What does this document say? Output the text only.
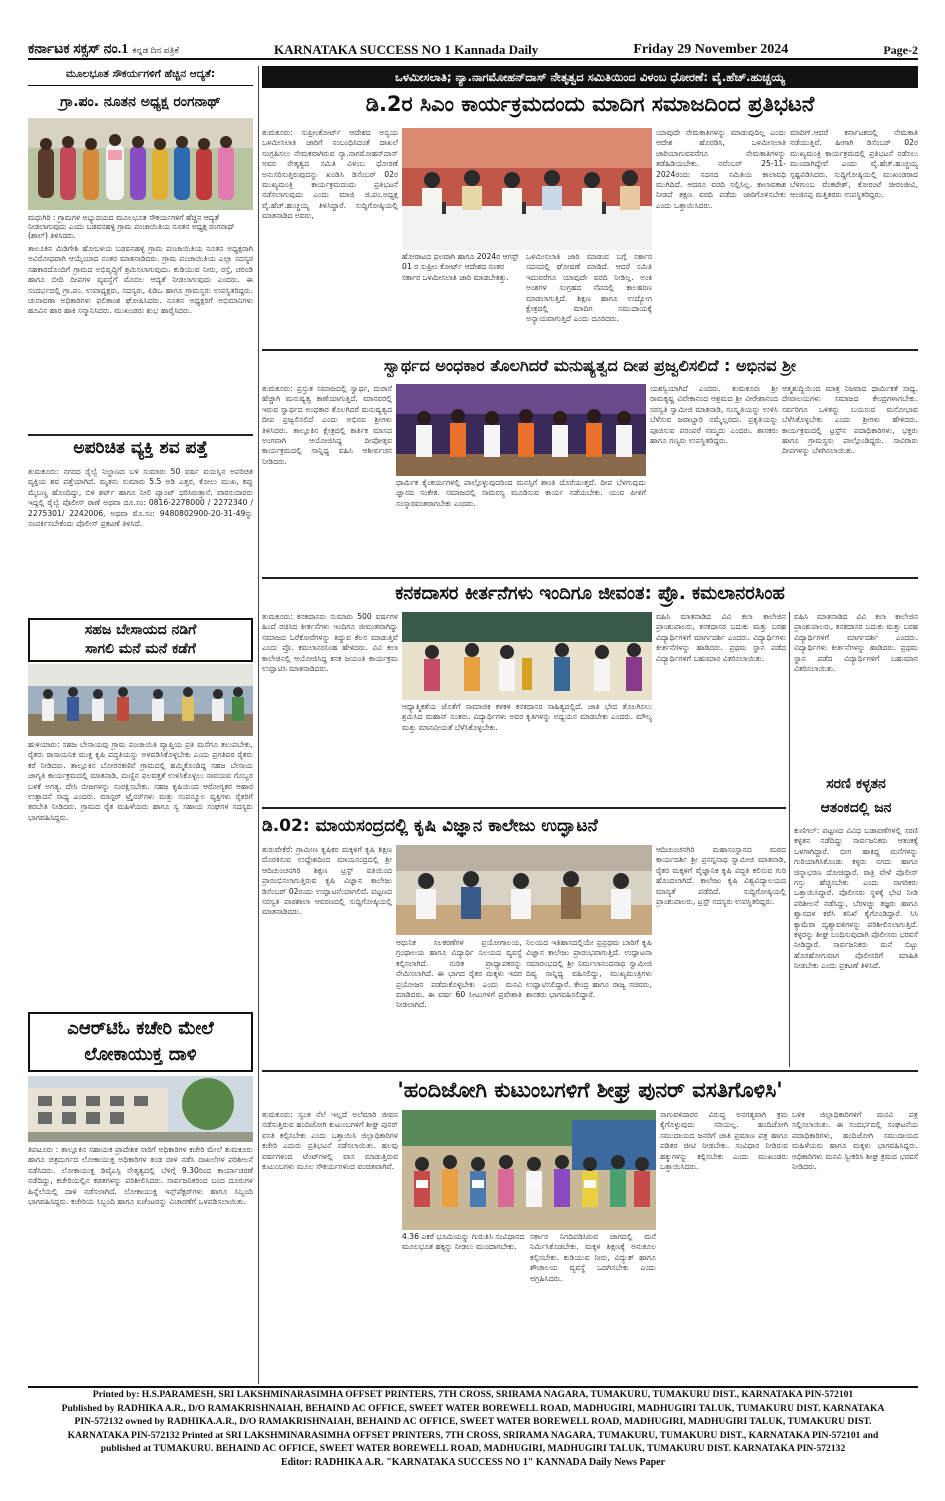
ಕರ್ನಾಟಕ ಸಕ್ಸಸ್ ನಂ.1 ಕನ್ನಡ ದಿನ ಪತ್ರಿಕೆ	KARNATAKA SUCCESS NO 1 Kannada Daily	Friday 29 November 2024	Page-2
ಒಳಮೀಸಲಾತಿ; ನ್ಯಾ.ನಾಗಮೋಹನ್‌ದಾಸ್ ನೇತೃತ್ವದ ಸಮಿತಿಯಿಂದ ವಿಳಂಬ ಧೋರಣೆ: ವೈ.ಹೆಚ್.ಹುಚ್ಚಯ್ಯ
ಮೂಲಭೂತ ಸೌಕರ್ಯಗಳಿಗೆ ಹೆಚ್ಚಿನ ಆದ್ಯತೆ:
ಗ್ರಾ.ಪಂ. ನೂತನ ಅಧ್ಯಕ್ಷ ರಂಗನಾಥ್
ಮಧುಗಿರಿ : ಗ್ರಾಮಗಳ ಅಭ್ಯುದಯದ ಮೂಲಭೂತ ಸೌಕರ್ಯಗಳಿಗೆ ಹೆಚ್ಚಿನ ಆದ್ಯತೆ ನೀಡಲಾಗುವುದು ಎಂದು ಬಡವನಹಳ್ಳಿ ಗ್ರಾಮ ಪಂಚಾಯಿತಿಯ ನೂತನ ಅಧ್ಯಕ್ಷ ರಂಗನಾಥ್ (ಶಾಲ್) ತಿಳಿಸಿದರು.
ತಾಲೂಕಿನ ಮಿಡಿಗೇಶಿ ಹೋಬಳಿಯ ಬಡವನಹಳ್ಳಿ ಗ್ರಾಮ ಪಂಚಾಯಿತಿಯ ನೂತನ ಅಧ್ಯಕ್ಷರಾಗಿ ಅವಿರೋಧವಾಗಿ ಆಯ್ಕೆಯಾದ ನಂತರ ಮಾತನಾಡಿದರು. ಗ್ರಾಮ ಪಂಚಾಯಿತಿಯ ಎಲ್ಲಾ ಸದಸ್ಯರ ಸಹಕಾರದೊಂದಿಗೆ ಗ್ರಾಮದ ಅಭಿವೃದ್ಧಿಗೆ ಶ್ರಮಿಸಲಾಗುವುದು. ಕುಡಿಯುವ ನೀರು, ರಸ್ತೆ, ಚರಂಡಿ ಹಾಗೂ ಬೀದಿ ದೀಪಗಳ ವ್ಯವಸ್ಥೆಗೆ ಮೊದಲ ಆದ್ಯತೆ ನೀಡಲಾಗುವುದು ಎಂದರು. ಈ ಸಂದರ್ಭದಲ್ಲಿ ಗ್ರಾ.ಪಂ. ಉಪಾಧ್ಯಕ್ಷರು, ಸದಸ್ಯರು, ಪಿಡಿಒ ಹಾಗೂ ಗ್ರಾಮಸ್ಥರು ಉಪಸ್ಥಿತರಿದ್ದರು. ಚುನಾವಣಾ ಅಧಿಕಾರಿಗಳು ಫಲಿತಾಂಶ ಘೋಷಿಸಿದರು. ನೂತನ ಅಧ್ಯಕ್ಷರಿಗೆ ಅಭಿಮಾನಿಗಳು ಹೂವಿನ ಹಾರ ಹಾಕಿ ಸನ್ಮಾನಿಸಿದರು. ಮುಖಂಡರು ಶುಭ ಹಾರೈಸಿದರು.
ಅಪರಿಚಿತ ವ್ಯಕ್ತಿ ಶವ ಪತ್ತೆ
ತುಮಕೂರು: ನಗರದ ರೈಲ್ವೆ ನಿಲ್ದಾಣದ ಬಳಿ ಸುಮಾರು 50 ವರ್ಷ ವಯಸ್ಸಿನ ಅಪರಿಚಿತ ವ್ಯಕ್ತಿಯ ಶವ ಪತ್ತೆಯಾಗಿದೆ. ಮೃತನು ಸುಮಾರು 5.5 ಅಡಿ ಎತ್ತರ, ಕೋಲು ಮುಖ, ಕಪ್ಪು ಮೈಬಣ್ಣ ಹೊಂದಿದ್ದು, ಬಿಳಿ ಶರ್ಟ್ ಹಾಗೂ ನೀಲಿ ಪ್ಯಾಂಟ್ ಧರಿಸಿರುತ್ತಾನೆ. ವಾರಸುದಾರರು ಇದ್ದಲ್ಲಿ ರೈಲ್ವೆ ಪೊಲೀಸ್ ಠಾಣೆ ಅಥವಾ ದೂ.ಸಂ: 0816-2278000 / 2272340 / 2275301/ 2242006, ಅಥವಾ ಮೊ.ಸಂ: 9480802900-20-31-49ನ್ನು ಸಂಪರ್ಕಿಸಬೇಕೆಂದು ಪೊಲೀಸ್ ಪ್ರಕಟಣೆ ತಿಳಿಸಿದೆ.
ಸಹಜ ಬೇಸಾಯದ ನಡಿಗೆ
ಸಾಗಲಿ ಮನೆ ಮನೆ ಕಡೆಗೆ
ಹುಳಿಯಾರು: ಸಹಜ ಬೇಸಾಯವು ಗ್ರಾಮ ಪಂಚಾಯಿತಿ ವ್ಯಾಪ್ತಿಯ ಪ್ರತಿ ಮನೆಗೂ ತಲುಪಬೇಕು, ರೈತರು ರಾಸಾಯನಿಕ ಮುಕ್ತ ಕೃಷಿ ಪದ್ಧತಿಯನ್ನು ಅಳವಡಿಸಿಕೊಳ್ಳಬೇಕು ಎಂದು ಪ್ರಗತಿಪರ ರೈತರು ಕರೆ ನೀಡಿದರು. ತಾಲ್ಲೂಕಿನ ಬೋರನಕಣಿವೆ ಗ್ರಾಮದಲ್ಲಿ ಹಮ್ಮಿಕೊಂಡಿದ್ದ ಸಹಜ ಬೇಸಾಯ ಜಾಗೃತಿ ಕಾರ್ಯಕ್ರಮದಲ್ಲಿ ಮಾತನಾಡಿ, ಮಣ್ಣಿನ ಫಲವತ್ತತೆ ಉಳಿಸಿಕೊಳ್ಳಲು ಸಾವಯವ ಗೊಬ್ಬರ ಬಳಕೆ ಅಗತ್ಯ. ದೇಸಿ ಬೀಜಗಳನ್ನು ಸಂರಕ್ಷಿಸಬೇಕು. ಸಹಜ ಕೃಷಿಯಿಂದ ಆರೋಗ್ಯಕರ ಆಹಾರ ಉತ್ಪಾದನೆ ಸಾಧ್ಯ ಎಂದರು. ಮಾಸ್ಟರ್ ಟ್ರೈನರ್‌ಗಳು ಮತ್ತು ಸಂಪನ್ಮೂಲ ವ್ಯಕ್ತಿಗಳು ರೈತರಿಗೆ ತರಬೇತಿ ನೀಡಿದರು. ಗ್ರಾಮದ ರೈತ ಮಹಿಳೆಯರು ಹಾಗೂ ಸ್ವ ಸಹಾಯ ಸಂಘಗಳ ಸದಸ್ಯರು ಭಾಗವಹಿಸಿದ್ದರು.
ಎಆರ್‌ಟಿಓ ಕಚೇರಿ ಮೇಲೆ
ಲೋಕಾಯುಕ್ತ ದಾಳಿ
ತಿಪಟೂರು : ತಾಲ್ಲೂಕಿನ ಸಹಾಯಕ ಪ್ರಾದೇಶಿಕ ಸಾರಿಗೆ ಅಧಿಕಾರಿಗಳ ಕಚೇರಿ ಮೇಲೆ ತುಮಕೂರು ಹಾಗೂ ಚಿತ್ರದುರ್ಗದ ಲೋಕಾಯುಕ್ತ ಅಧಿಕಾರಿಗಳ ತಂಡ ದಾಳಿ ನಡೆಸಿ ದಾಖಲೆಗಳ ಪರಿಶೀಲನೆ ನಡೆಸಿದರು. ಲೋಕಾಯುಕ್ತ ಡಿವೈಎಸ್ಪಿ ನೇತೃತ್ವದಲ್ಲಿ ಬೆಳಿಗ್ಗೆ 9.30ರಿಂದ ಕಾರ್ಯಾಚರಣೆ ನಡೆದಿದ್ದು, ಕಚೇರಿಯಲ್ಲಿನ ಕಡತಗಳನ್ನು ಪರಿಶೀಲಿಸಿದರು. ಸಾರ್ವಜನಿಕರಿಂದ ಬಂದ ದೂರುಗಳ ಹಿನ್ನೆಲೆಯಲ್ಲಿ ದಾಳಿ ನಡೆಸಲಾಗಿದೆ. ಲೋಕಾಯುಕ್ತ ಇನ್ಸ್‌ಪೆಕ್ಟರ್‌ಗಳು ಹಾಗೂ ಸಿಬ್ಬಂದಿ ಭಾಗವಹಿಸಿದ್ದರು. ಕಚೇರಿಯ ಸಿಬ್ಬಂದಿ ಹಾಗೂ ಏಜೆಂಟರನ್ನು ವಿಚಾರಣೆಗೆ ಒಳಪಡಿಸಲಾಯಿತು.
ಡಿ.2ರ ಸಿಎಂ ಕಾರ್ಯಕ್ರಮದಂದು ಮಾದಿಗ ಸಮಾಜದಿಂದ ಪ್ರತಿಭಟನೆ
ತುಮಕೂರು: ಸುಪ್ರೀಂಕೋರ್ಟ್ ಆದೇಶದ ಅನ್ವಯ ಒಳಮೀಸಲಾತಿ ಜಾರಿಗೆ ಸಂಬಂಧಿಸಿದಂತೆ ದಾಖಲೆ ಸಂಗ್ರಹಿಸಲು ನೇಮಕವಾಗಿರುವ ನ್ಯಾ.ನಾಗಮೋಹನ್‌ದಾಸ್ ಅವರ ನೇತೃತ್ವದ ಸಮಿತಿ ವಿಳಂಬ ಧೋರಣೆ ಅನುಸರಿಸುತ್ತಿರುವುದನ್ನು ಖಂಡಿಸಿ ಡಿಸೆಂಬರ್ 02ರ ಮುಖ್ಯಮಂತ್ರಿ ಕಾರ್ಯಕ್ರಮದಂದು ಪ್ರತಿಭಟನೆ ನಡೆಸಲಾಗುವುದು ಎಂದು ಮಾಜಿ ಜಿ.ಪಂ.ಅಧ್ಯಕ್ಷ ವೈ.ಹೆಚ್.ಹುಚ್ಚಯ್ಯ ತಿಳಿಸಿದ್ದಾರೆ. ಸುದ್ದಿಗೋಷ್ಠಿಯಲ್ಲಿ ಮಾತನಾಡಿದ ಅವರು,
ಹೋರಾಟದ ಫಲವಾಗಿ ಹಾಗೂ 2024ರ ಆಗಸ್ಟ್ 01 ರ ಸುಪ್ರೀಂ ಕೋರ್ಟ್ ಆದೇಶದ ನಂತರ ಸರ್ಕಾರ ಒಳಮೀಸಲಾತಿ ಜಾರಿ ಮಾಡಬೇಕಿತ್ತು.
ಒಳಮೀಸಲಾತಿ ಜಾರಿ ಮಾಡುವ ಬಗ್ಗೆ ಸರ್ಕಾರ ಸದನದಲ್ಲಿ ಘೋಷಣೆ ಮಾಡಿದೆ. ಆದರೆ ಸಮಿತಿ ಇದುವರೆಗೂ ಯಾವುದೇ ವರದಿ ನೀಡಿಲ್ಲ. ಅಂಕಿ ಅಂಶಗಳ ಸಂಗ್ರಹದ ನೆಪದಲ್ಲಿ ಕಾಲಹರಣ ಮಾಡಲಾಗುತ್ತಿದೆ. ಶಿಕ್ಷಣ ಹಾಗೂ ಉದ್ಯೋಗ ಕ್ಷೇತ್ರದಲ್ಲಿ ಮಾದಿಗ ಸಮುದಾಯಕ್ಕೆ ಅನ್ಯಾಯವಾಗುತ್ತಿದೆ ಎಂದು ದೂರಿದರು.
ಯಾವುದೇ ನೇಮಕಾತಿಗಳನ್ನು ಮಾಡುವುದಿಲ್ಲ ಎಂದು ಆದೇಶ ಹೊರಡಿಸಿ, ಒಳಮೀಸಲಾತಿ ಜಾರಿಯಾಗುವವರೆಗೂ ನೇಮಕಾತಿಗಳನ್ನು ತಡೆಹಿಡಿಯಬೇಕು. ನವೆಂಬರ್ 25-11-2024ರಂದು ಸದನದ ಸಮಿತಿಯ ಕಾಲಾವಧಿ ಮುಗಿದಿದೆ. ಆದರೂ ವರದಿ ಸಲ್ಲಿಸಿಲ್ಲ. ಕಾಲಾವಕಾಶ ನೀಡದೆ ತಕ್ಷಣ ವರದಿ ಪಡೆದು ಜಾರಿಗೊಳಿಸಬೇಕು ಎಂದು ಒತ್ತಾಯಿಸಿದರು.
ಮಾದಿಗ್.ಆದರೆ ಕರ್ನಾಟಕದಲ್ಲಿ ನೇಮಕಾತಿ ನಡೆಯುತ್ತಿವೆ. ಹೀಗಾಗಿ ಡಿಸೆಂಬರ್ 02ರ ಮುಖ್ಯಮಂತ್ರಿ ಕಾರ್ಯಕ್ರಮದಲ್ಲಿ ಪ್ರತಿಭಟನೆ ನಡೆಸಲು ಮುಂದಾಗಿದ್ದೇವೆ ಎಂದು ವೈ.ಹೆಚ್.ಹುಚ್ಚಯ್ಯ ಸ್ಪಷ್ಟಪಡಿಸಿದರು. ಸುದ್ದಿಗೋಷ್ಠಿಯಲ್ಲಿ ಮುಖಂಡರಾದ ಬೆಳಗುಂಬ ವೆಂಕಟೇಶ್, ಕೋರಂಟೆ ಚೀರಂಜೀವಿ, ಆಂಜಿನಪ್ಪ ಮತ್ತಿತರರು ಉಪಸ್ಥಿತರಿದ್ದರು.
ಸ್ವಾರ್ಥದ ಅಂಧಕಾರ ತೊಲಗಿದರೆ ಮನುಷ್ಯತ್ವದ ದೀಪ ಪ್ರಜ್ವಲಿಸಲಿದೆ : ಅಭಿನವ ಶ್ರೀ
ತುಮಕೂರು: ಪ್ರಸ್ತುತ ಸಮಾಜದಲ್ಲಿ ಸ್ವಾರ್ಥ, ದುರಾಸೆ ಹೆಚ್ಚಾಗಿ ಮನುಷ್ಯತ್ವ ಕಾಣೆಯಾಗುತ್ತಿದೆ. ಮಾನವರಲ್ಲಿ ಇರುವ ಸ್ವಾರ್ಥದ ಅಂಧಕಾರ ತೊಲಗಿದರೆ ಮನುಷ್ಯತ್ವದ ದೀಪ ಪ್ರಜ್ವಲಿಸಲಿದೆ ಎಂದು ಅಭಿನವ ಶ್ರೀಗಳು ತಿಳಿಸಿದರು. ತಾಲ್ಲೂಕಿನ ಕ್ಷೇತ್ರದಲ್ಲಿ ಕಾರ್ತಿಕ ಮಾಸದ ಅಂಗವಾಗಿ ಆಯೋಜಿಸಿದ್ದ ದೀಪೋತ್ಸವ ಕಾರ್ಯಕ್ರಮದಲ್ಲಿ ಸಾನ್ನಿಧ್ಯ ವಹಿಸಿ ಆಶೀರ್ವಚನ ನೀಡಿದರು.
ಧಾರ್ಮಿಕ ಕೈಂಕರ್ಯಗಳಲ್ಲಿ ಪಾಲ್ಗೊಳ್ಳುವುದರಿಂದ ಮನಸ್ಸಿಗೆ ಶಾಂತಿ ದೊರೆಯುತ್ತದೆ. ದೀಪ ಬೆಳಗುವುದು ಜ್ಞಾನದ ಸಂಕೇತ. ಸಮಾಜದಲ್ಲಿ ಸಾಮರಸ್ಯ ಮೂಡಿಸುವ ಕಾರ್ಯ ನಡೆಯಬೇಕು. ಯುವ ಪೀಳಿಗೆ ಸಂಸ್ಕಾರವಂತರಾಗಬೇಕು ಎಂದರು.
ಯಶಸ್ವಿಯಾಗಿದೆ ಎಂದರು. ತುಮಕೂರು ಶ್ರೀ ರಾಮಕೃಷ್ಣ ವಿವೇಕಾನಂದ ಆಶ್ರಮದ ಶ್ರೀ ವೀರೇಶಾನಂದ ಸರಸ್ವತಿ ಸ್ವಾಮೀಜಿ ಮಾತನಾಡಿ, ಸಂಸ್ಕೃತಿಯನ್ನು ಉಳಿಸಿ ಬೆಳೆಸುವ ಜವಾಬ್ದಾರಿ ನಮ್ಮೆಲ್ಲರದು. ಪ್ರಕೃತಿಯನ್ನು ಪೂಜಿಸುವ ಪರಂಪರೆ ನಮ್ಮದು ಎಂದರು. ಶಾಸಕರು ಹಾಗೂ ಗಣ್ಯರು ಉಪಸ್ಥಿತರಿದ್ದರು.
ಆತ್ಮಶುದ್ಧಿಯಿಂದ ಮಾತ್ರ ನಿಜವಾದ ಧಾರ್ಮಿಕತೆ ಸಾಧ್ಯ. ದೇವಾಲಯಗಳು ಸಮಾಜದ ಕೇಂದ್ರಗಳಾಗಬೇಕು. ಸರ್ವರಿಗೂ ಒಳಿತನ್ನು ಬಯಸುವ ಮನೋಭಾವ ಬೆಳೆಸಿಕೊಳ್ಳಬೇಕು ಎಂದು ಶ್ರೀಗಳು ಹೇಳಿದರು. ಕಾರ್ಯಕ್ರಮದಲ್ಲಿ ಟ್ರಸ್ಟ್‌ನ ಪದಾಧಿಕಾರಿಗಳು, ಭಕ್ತರು ಹಾಗೂ ಗ್ರಾಮಸ್ಥರು ಪಾಲ್ಗೊಂಡಿದ್ದರು. ಸಾವಿರಾರು ದೀಪಗಳನ್ನು ಬೆಳಗಿಸಲಾಯಿತು.
ಕನಕದಾಸರ ಕೀರ್ತನೆಗಳು ಇಂದಿಗೂ ಜೀವಂತ: ಪ್ರೊ. ಕಮಲಾನರಸಿಂಹ
ತುಮಕೂರು: ಕನಕದಾಸರು ಸುಮಾರು 500 ವರ್ಷಗಳ ಹಿಂದೆ ರಚಿಸಿದ ಕೀರ್ತನೆಗಳು ಇಂದಿಗೂ ಜೀವಂತವಾಗಿದ್ದು ಸಮಾಜದ ಓರೆಕೋರೆಗಳನ್ನು ತಿದ್ದುವ ಕೆಲಸ ಮಾಡುತ್ತಿವೆ ಎಂದು ಪ್ರೊ. ಕಮಲಾನರಸಿಂಹ ಹೇಳಿದರು. ವಿವಿ ಕಲಾ ಕಾಲೇಜಿನಲ್ಲಿ ಆಯೋಜಿಸಿದ್ದ ಕನಕ ಜಯಂತಿ ಕಾರ್ಯಕ್ರಮ ಉದ್ಘಾಟಿಸಿ ಮಾತನಾಡಿದರು.
ಆಧ್ಯಾತ್ಮಿಕತೆಯ ಜೊತೆಗೆ ಸಾಮಾಜಿಕ ಕಳಕಳಿ ಕನಕದಾಸರ ಸಾಹಿತ್ಯದಲ್ಲಿದೆ. ಜಾತಿ ಭೇದ ತೊಲಗಿಸಲು ಶ್ರಮಿಸಿದ ಮಹಾನ್ ಸಂತರು. ವಿದ್ಯಾರ್ಥಿಗಳು ಅವರ ಕೃತಿಗಳನ್ನು ಅಧ್ಯಯನ ಮಾಡಬೇಕು ಎಂದರು. ಮೌಲ್ಯ ಮತ್ತು ಮಾನವೀಯತೆ ಬೆಳೆಸಿಕೊಳ್ಳಬೇಕು.
ವಹಿಸಿ ಮಾತನಾಡಿದ ವಿವಿ ಕಲಾ ಕಾಲೇಜಿನ ಪ್ರಾಂಶುಪಾಲರು, ಕನಕದಾಸರ ಬದುಕು ಮತ್ತು ಬರಹ ವಿದ್ಯಾರ್ಥಿಗಳಿಗೆ ಮಾರ್ಗದರ್ಶಿ ಎಂದರು. ವಿದ್ಯಾರ್ಥಿಗಳು ಕೀರ್ತನೆಗಳನ್ನು ಹಾಡಿದರು. ಪ್ರಥಮ ಸ್ಥಾನ ಪಡೆದ ವಿದ್ಯಾರ್ಥಿಗಳಿಗೆ ಬಹುಮಾನ ವಿತರಿಸಲಾಯಿತು.
ವಹಿಸಿ ಮಾತನಾಡಿದ ವಿವಿ ಕಲಾ ಕಾಲೇಜಿನ ಪ್ರಾಂಶುಪಾಲರು, ಕನಕದಾಸರ ಬದುಕು ಮತ್ತು ಬರಹ ವಿದ್ಯಾರ್ಥಿಗಳಿಗೆ ಮಾರ್ಗದರ್ಶಿ ಎಂದರು. ವಿದ್ಯಾರ್ಥಿಗಳು ಕೀರ್ತನೆಗಳನ್ನು ಹಾಡಿದರು. ಪ್ರಥಮ ಸ್ಥಾನ ಪಡೆದ ವಿದ್ಯಾರ್ಥಿಗಳಿಗೆ ಬಹುಮಾನ ವಿತರಿಸಲಾಯಿತು.
ಸರಣಿ ಕಳ್ಳತನ
ಆತಂಕದಲ್ಲಿ ಜನ
ಕುಣಿಗಲ್: ಪಟ್ಟಣದ ವಿವಿಧ ಬಡಾವಣೆಗಳಲ್ಲಿ ಸರಣಿ ಕಳ್ಳತನ ನಡೆದಿದ್ದು ಸಾರ್ವಜನಿಕರು ಆತಂಕಕ್ಕೆ ಒಳಗಾಗಿದ್ದಾರೆ. ಬೀಗ ಹಾಕಿದ್ದ ಮನೆಗಳನ್ನು ಗುರಿಯಾಗಿಸಿಕೊಂಡು ಕಳ್ಳರು ನಗದು ಹಾಗೂ ಚಿನ್ನಾಭರಣ ದೋಚಿದ್ದಾರೆ. ರಾತ್ರಿ ವೇಳೆ ಪೊಲೀಸ್ ಗಸ್ತು ಹೆಚ್ಚಿಸಬೇಕು ಎಂದು ನಾಗರಿಕರು ಒತ್ತಾಯಿಸಿದ್ದಾರೆ. ಪೊಲೀಸರು ಸ್ಥಳಕ್ಕೆ ಭೇಟಿ ನೀಡಿ ಪರಿಶೀಲನೆ ನಡೆಸಿದ್ದು, ಬೆರಳಚ್ಚು ತಜ್ಞರು ಹಾಗೂ ಶ್ವಾನದಳ ಕರೆಸಿ ತನಿಖೆ ಕೈಗೊಂಡಿದ್ದಾರೆ. ಸಿಸಿ ಕ್ಯಾಮೆರಾ ದೃಶ್ಯಾವಳಿಗಳನ್ನು ಪರಿಶೀಲಿಸಲಾಗುತ್ತಿದೆ. ಕಳ್ಳರನ್ನು ಶೀಘ್ರ ಬಂಧಿಸುವುದಾಗಿ ಪೊಲೀಸರು ಭರವಸೆ ನೀಡಿದ್ದಾರೆ. ಸಾರ್ವಜನಿಕರು ಮನೆ ಬಿಟ್ಟು ಹೊರಹೋಗುವಾಗ ಪೊಲೀಸರಿಗೆ ಮಾಹಿತಿ ನೀಡಬೇಕು ಎಂದು ಪ್ರಕಟಣೆ ತಿಳಿಸಿದೆ.
ಡಿ.02: ಮಾಯಸಂದ್ರದಲ್ಲಿ ಕೃಷಿ ವಿಜ್ಞಾನ ಕಾಲೇಜು ಉದ್ಘಾಟನೆ
ತುರುವೇಕೆರೆ: ಗ್ರಾಮೀಣ ಕೃಷಿಕರ ಮಕ್ಕಳಿಗೆ ಕೃಷಿ ಶಿಕ್ಷಣ ದೊರಕಿಸುವ ಉದ್ದೇಶದಿಂದ ಮಾಯಸಂದ್ರದಲ್ಲಿ ಶ್ರೀ ಆದಿಚುಂಚನಗಿರಿ ಶಿಕ್ಷಣ ಟ್ರಸ್ಟ್ ವತಿಯಿಂದ ಪ್ರಾರಂಭಿಸಲಾಗುತ್ತಿರುವ ಕೃಷಿ ವಿಜ್ಞಾನ ಕಾಲೇಜು ಡಿಸೆಂಬರ್ 02ರಂದು ಉದ್ಘಾಟನೆಯಾಗಲಿದೆ. ಪಟ್ಟಣದ ಸರಸ್ವತಿ ಪಾಠಶಾಲಾ ಆವರಣದಲ್ಲಿ ಸುದ್ದಿಗೋಷ್ಠಿಯಲ್ಲಿ ಮಾತನಾಡಿದರು.
ಆಧುನಿಕ ಸಲಕರಣೆಗಳ ಪ್ರಯೋಗಾಲಯ, ಗ್ರಂಥಾಲಯ ಹಾಗೂ ವಿದ್ಯಾರ್ಥಿ ನಿಲಯದ ವ್ಯವಸ್ಥೆ ಕಲ್ಪಿಸಲಾಗಿದೆ. ನುರಿತ ಪ್ರಾಧ್ಯಾಪಕರನ್ನು ನೇಮಿಸಲಾಗಿದೆ. ಈ ಭಾಗದ ರೈತರ ಮಕ್ಕಳು ಇದರ ಪ್ರಯೋಜನ ಪಡೆದುಕೊಳ್ಳಬೇಕು ಎಂದು ಮನವಿ ಮಾಡಿದರು. ಈ ವರ್ಷ 60 ಸೀಟುಗಳಿಗೆ ಪ್ರವೇಶಾತಿ ನೀಡಲಾಗಿದೆ.
ನಿಲಯದ ಇತಿಹಾಸದಲ್ಲಿಯೇ ಪ್ರಪ್ರಥಮ ಬಾರಿಗೆ ಕೃಷಿ ವಿಜ್ಞಾನ ಕಾಲೇಜು ಪ್ರಾರಂಭವಾಗುತ್ತಿದೆ. ಉದ್ಘಾಟನಾ ಸಮಾರಂಭದಲ್ಲಿ ಶ್ರೀ ನಿರ್ಮಲಾನಂದನಾಥ ಸ್ವಾಮೀಜಿ ದಿವ್ಯ ಸಾನ್ನಿಧ್ಯ ವಹಿಸಲಿದ್ದು, ಮುಖ್ಯಮಂತ್ರಿಗಳು ಉದ್ಘಾಟಿಸಲಿದ್ದಾರೆ. ಕೇಂದ್ರ ಹಾಗೂ ರಾಜ್ಯ ಸಚಿವರು, ಶಾಸಕರು ಭಾಗವಹಿಸಲಿದ್ದಾರೆ.
ಆದಿಚುಂಚನಗಿರಿ ಮಹಾಸಂಸ್ಥಾನದ ಮಠದ ಕಾರ್ಯದರ್ಶಿ ಶ್ರೀ ಪ್ರಸನ್ನನಾಥ ಸ್ವಾಮೀಜಿ ಮಾತನಾಡಿ, ರೈತರ ಮಕ್ಕಳಿಗೆ ವೈಜ್ಞಾನಿಕ ಕೃಷಿ ಪದ್ಧತಿ ಕಲಿಸುವ ಗುರಿ ಹೊಂದಲಾಗಿದೆ. ಕಾಲೇಜು ಕೃಷಿ ವಿಶ್ವವಿದ್ಯಾಲಯದ ಮಾನ್ಯತೆ ಪಡೆದಿದೆ. ಸುದ್ದಿಗೋಷ್ಠಿಯಲ್ಲಿ ಪ್ರಾಂಶುಪಾಲರು, ಟ್ರಸ್ಟ್ ಸದಸ್ಯರು ಉಪಸ್ಥಿತರಿದ್ದರು.
'ಹಂದಿಜೋಗಿ ಕುಟುಂಬಗಳಿಗೆ ಶೀಘ್ರ ಪುನರ್ ವಸತಿಗೊಳಿಸಿ'
ತುಮಕೂರು: ಸ್ವಂತ ನೆಲೆ ಇಲ್ಲದೆ ಅಲೆಮಾರಿ ಜೀವನ ನಡೆಸುತ್ತಿರುವ ಹಂದಿಜೋಗಿ ಕುಟುಂಬಗಳಿಗೆ ಶೀಘ್ರ ಪುನರ್ ವಸತಿ ಕಲ್ಪಿಸಬೇಕು ಎಂದು ಒತ್ತಾಯಿಸಿ ಜಿಲ್ಲಾಧಿಕಾರಿಗಳ ಕಚೇರಿ ಎದುರು ಪ್ರತಿಭಟನೆ ನಡೆಸಲಾಯಿತು. ಹಲವು ವರ್ಷಗಳಿಂದ ಟೆಂಟ್‌ಗಳಲ್ಲಿ ವಾಸ ಮಾಡುತ್ತಿರುವ ಕುಟುಂಬಗಳು ಮೂಲ ಸೌಕರ್ಯಗಳಿಂದ ವಂಚಿತವಾಗಿವೆ.
4.36 ಎಕರೆ ಭೂಮಿಯನ್ನು ಗುರುತಿಸಿ ಸಂವಿಧಾನದ ಮೂಲಭೂತ ಹಕ್ಕನ್ನು ನೀಡಲು ಮುಂದಾಗಬೇಕು.
ಸರ್ಕಾರ ನಿಗದಿಪಡಿಸಿರುವ ಜಾಗದಲ್ಲಿ ಮನೆ ನಿರ್ಮಿಸಿಕೊಡಬೇಕು. ಮಕ್ಕಳ ಶಿಕ್ಷಣಕ್ಕೆ ಅನುಕೂಲ ಕಲ್ಪಿಸಬೇಕು. ಕುಡಿಯುವ ನೀರು, ವಿದ್ಯುತ್ ಹಾಗೂ ಶೌಚಾಲಯ ವ್ಯವಸ್ಥೆ ಒದಗಿಸಬೇಕು ಎಂದು ಆಗ್ರಹಿಸಿದರು.
ಸಾಗುವಳಿದಾರರ ವಿರುದ್ಧ ಅನಗತ್ಯವಾಗಿ ಕ್ರಮ ಕೈಗೊಳ್ಳುವುದು ಸರಿಯಲ್ಲ. ಹಂದಿಜೋಗಿ ಸಮುದಾಯದ ಜನರಿಗೆ ಜಾತಿ ಪ್ರಮಾಣ ಪತ್ರ ಹಾಗೂ ಪಡಿತರ ಚೀಟಿ ನೀಡಬೇಕು. ಸಂವಿಧಾನ ನೀಡಿರುವ ಹಕ್ಕುಗಳನ್ನು ಕಲ್ಪಿಸಬೇಕು ಎಂದು ಮುಖಂಡರು ಒತ್ತಾಯಿಸಿದರು.
ಬಳಿಕ ಜಿಲ್ಲಾಧಿಕಾರಿಗಳಿಗೆ ಮನವಿ ಪತ್ರ ಸಲ್ಲಿಸಲಾಯಿತು. ಈ ಸಂದರ್ಭದಲ್ಲಿ ಸಂಘಟನೆಯ ಪದಾಧಿಕಾರಿಗಳು, ಹಂದಿಜೋಗಿ ಸಮುದಾಯದ ಮಹಿಳೆಯರು ಹಾಗೂ ಮಕ್ಕಳು ಭಾಗವಹಿಸಿದ್ದರು. ಅಧಿಕಾರಿಗಳು ಮನವಿ ಸ್ವೀಕರಿಸಿ ಶೀಘ್ರ ಕ್ರಮದ ಭರವಸೆ ನೀಡಿದರು.
Printed by: H.S.PARAMESH, SRI LAKSHMINARASIMHA OFFSET PRINTERS, 7TH CROSS, SRIRAMA NAGARA, TUMAKURU, TUMAKURU DIST., KARNATAKA PIN-572101
Published by RADHIKA A.R., D/O RAMAKRISHNAIAH, BEHAIND AC OFFICE, SWEET WATER BOREWELL ROAD, MADHUGIRI, MADHUGIRI TALUK, TUMAKURU DIST. KARNATAKA
PIN-572132 owned by RADHIKA.A.R., D/O RAMAKRISHNAIAH, BEHAIND AC OFFICE, SWEET WATER BOREWELL ROAD, MADHUGIRI, MADHUGIRI TALUK, TUMAKURU DIST.
KARNATAKA PIN-572132 Printed at SRI LAKSHMINARASIMHA OFFSET PRINTERS, 7TH CROSS, SRIRAMA NAGARA, TUMAKURU, TUMAKURU DIST., KARNATAKA PIN-572101 and
published at TUMAKURU. BEHAIND AC OFFICE, SWEET WATER BOREWELL ROAD, MADHUGIRI, MADHUGIRI TALUK, TUMAKURU DIST. KARNATAKA PIN-572132
Editor: RADHIKA A.R. "KARNATAKA SUCCESS NO 1" KANNADA Daily News Paper
